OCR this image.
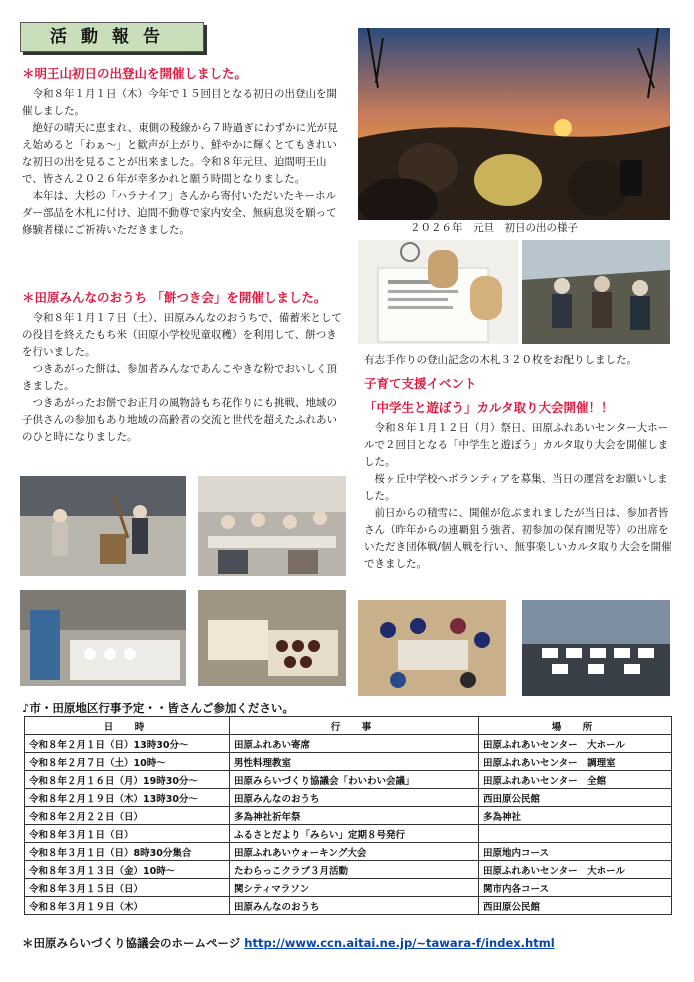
活動報告
＊明王山初日の出登山を開催しました。

令和８年１月１日（木）今年で１５回目となる初日の出登山を開催しました。

絶好の晴天に恵まれ、東側の稜線から７時過ぎにわずかに光が見え始めると「わぁ～」と歓声が上がり、鮮やかに輝くとてもきれいな初日の出を見ることが出来ました。令和８年元旦、迫間明王山で、皆さん２０２６年が幸多かれと願う時間となりました。

本年は、大杉の「ハラナイフ」さんから寄付いただいたキーホルダー部品を木札に付け、迫間不動尊で家内安全、無病息災を願って修験者様にご祈祷いただきました。

＊田原みんなのおうち 「餅つき会」を開催しました。

令和８年１月１７日（土）、田原みんなのおうちで、備蓄米としての役目を終えたもち米（田原小学校児童収穫）を利用して、餅つきを行いました。

つきあがった餅は、参加者みんなであんこやきな粉でおいしく頂きました。

つきあがったお餅でお正月の風物詩もち花作りにも挑戦、地域の子供さんの参加もあり地域の高齢者の交流と世代を超えたふれあいのひと時になりました。

２０２６年　元旦　初日の出の様子
有志手作りの登山記念の木札３２０枚をお配りしました。
子育て支援イベント
「中学生と遊ぼう」カルタ取り大会開催！！

令和８年１月１２日（月）祭日、田原ふれあいセンター大ホールで２回目となる「中学生と遊ぼう」カルタ取り大会を開催しました。

桜ヶ丘中学校へボランティアを募集、当日の運営をお願いしました。

前日からの積雪に、開催が危ぶまれましたが当日は、参加者皆さん（昨年からの連覇狙う強者、初参加の保育園児等）の出席をいただき団体戦/個人戦を行い、無事楽しいカルタ取り大会を開催できました。

♪市・田原地区行事予定・・皆さんご参加ください。
日　時	行　事	場　所
令和８年２月１日（日）13時30分～	田原ふれあい寄席	田原ふれあいセンター　大ホール
令和８年２月７日（土）10時～	男性料理教室	田原ふれあいセンター　調理室
令和８年２月１６日（月）19時30分～	田原みらいづくり協議会「わいわい会議」	田原ふれあいセンター　全館
令和８年２月１９日（木）13時30分～	田原みんなのおうち	西田原公民館
令和８年２月２２日（日）	多為神社祈年祭	多為神社
令和８年３月１日（日）	ふるさとだより「みらい」定期８号発行	
令和８年３月１日（日）8時30分集合	田原ふれあいウォーキング大会	田原地内コース
令和８年３月１３日（金）10時～	たわらっこクラブ３月活動	田原ふれあいセンター　大ホール
令和８年３月１５日（日）	関シティマラソン	関市内各コース
令和８年３月１９日（木）	田原みんなのおうち	西田原公民館
＊田原みらいづくり協議会のホームページ http://www.ccn.aitai.ne.jp/~tawara-f/index.html
